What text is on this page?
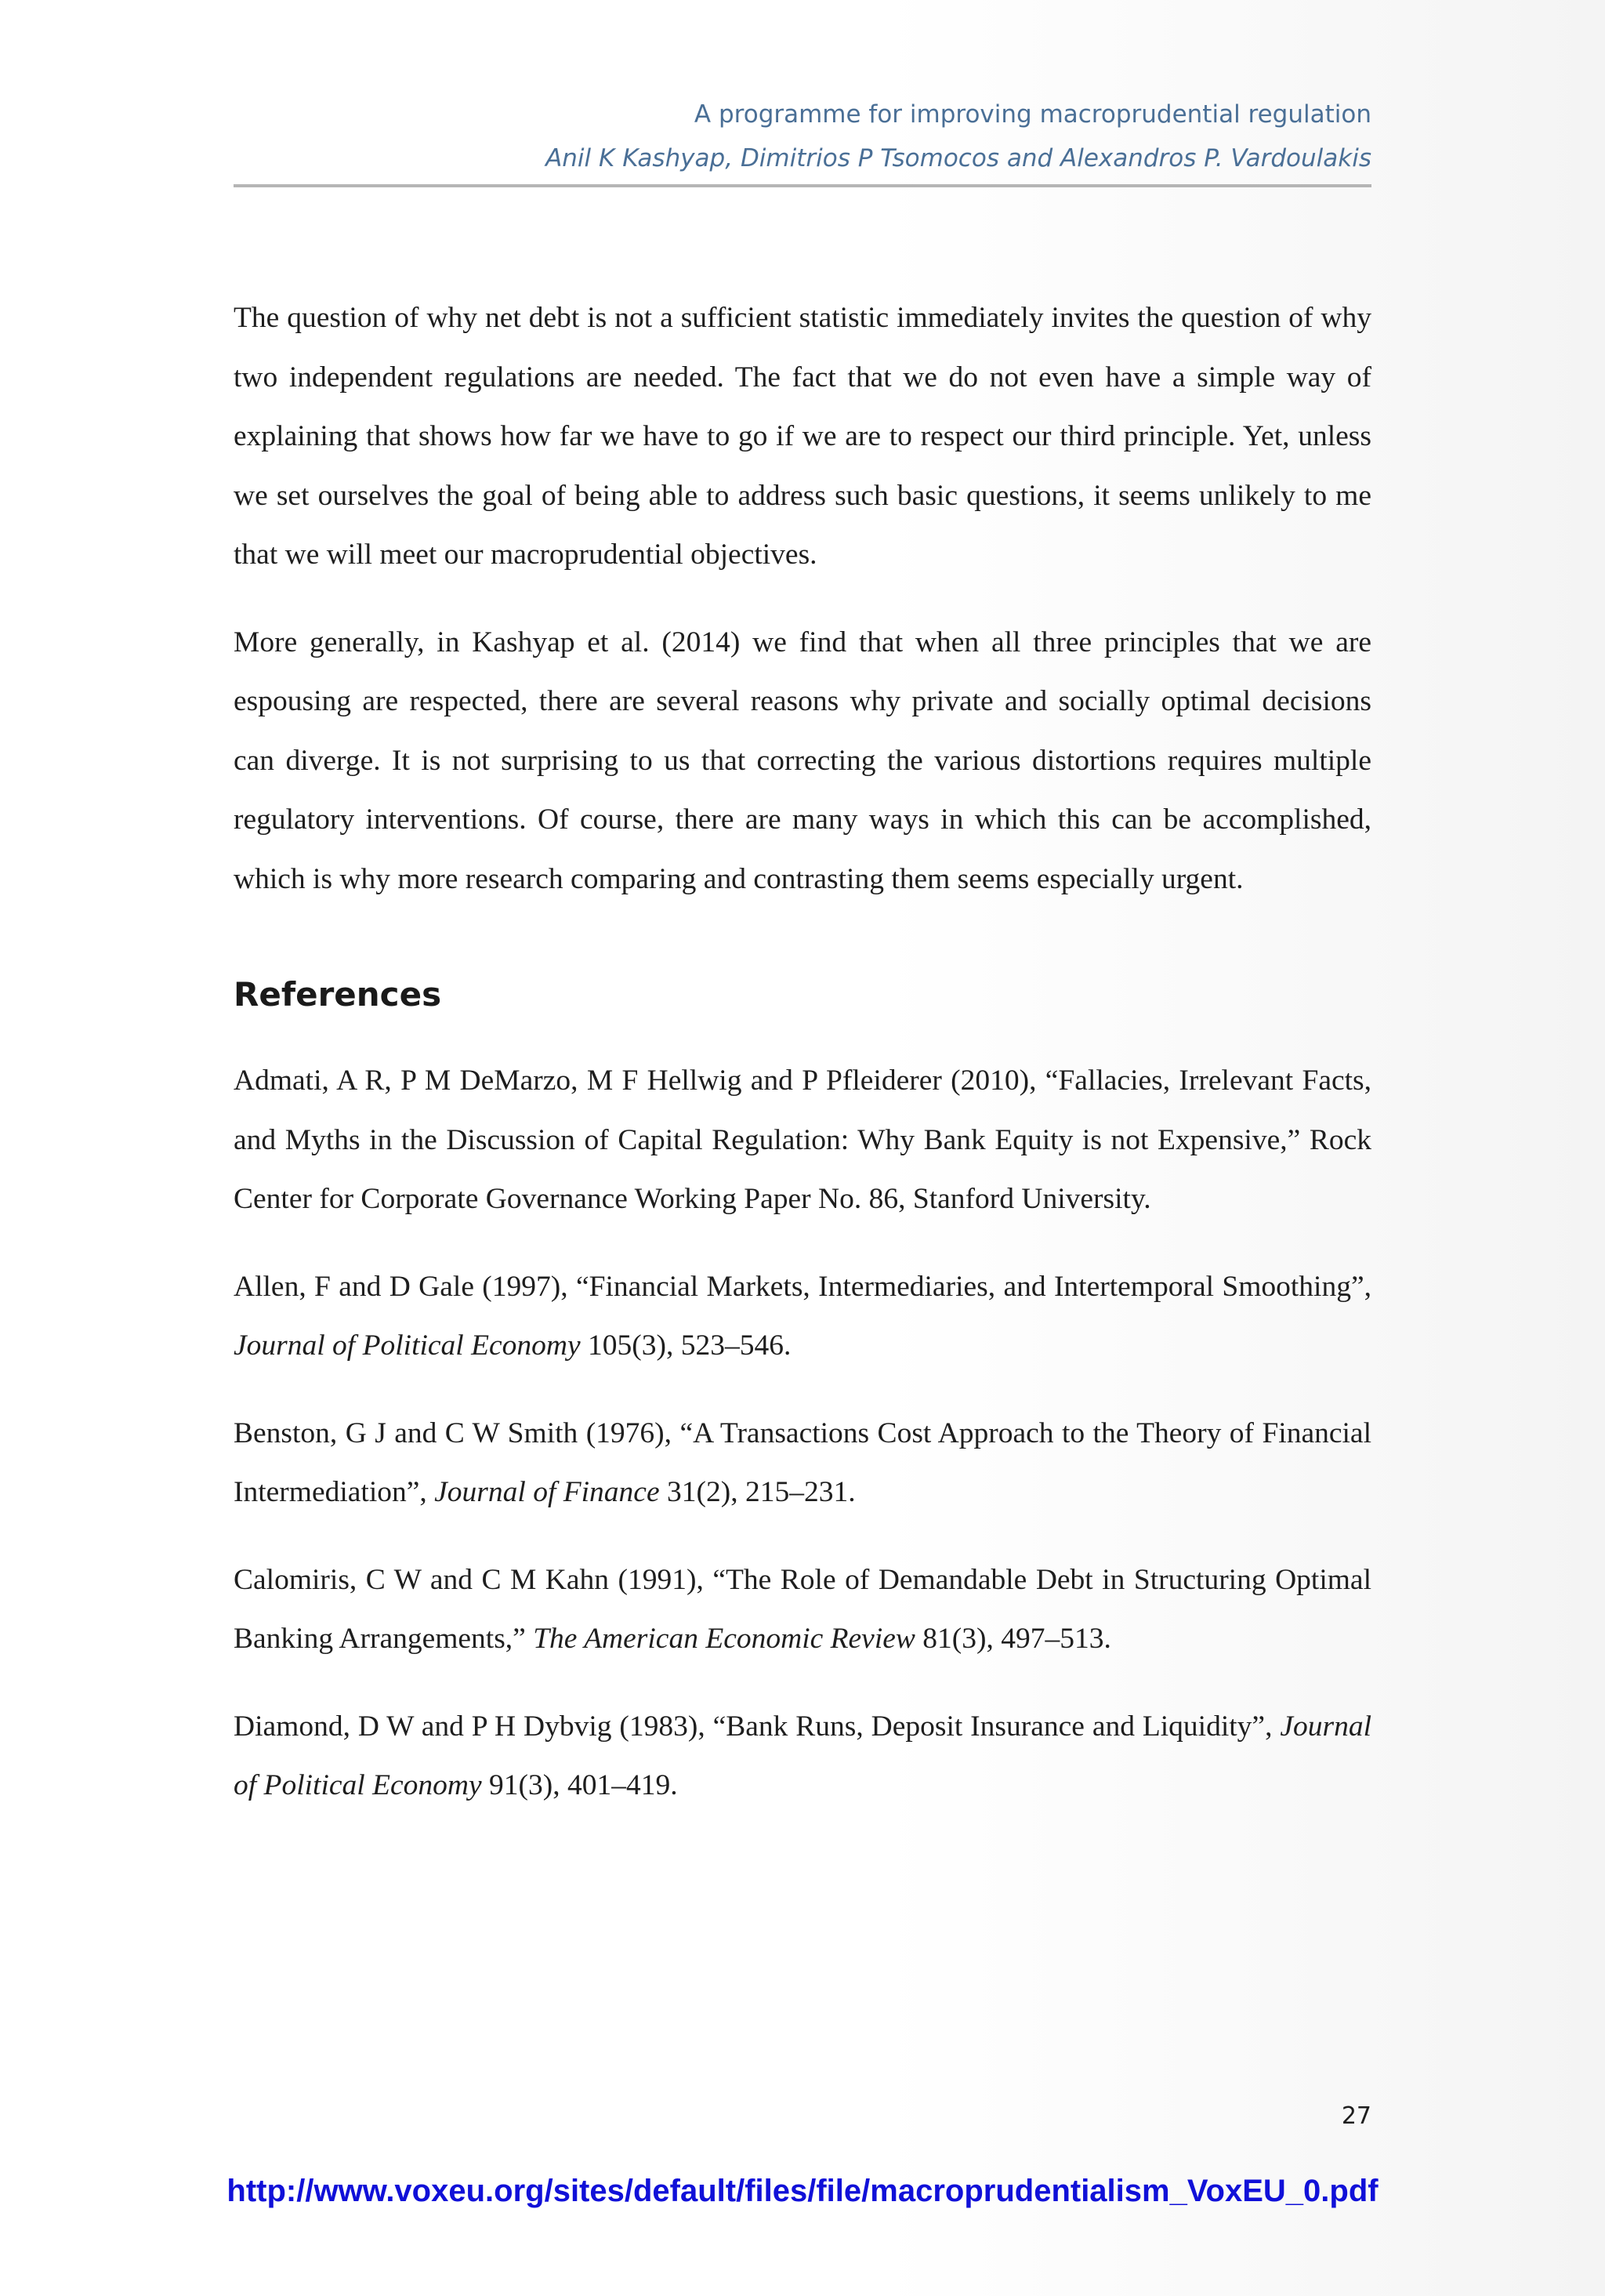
A programme for improving macroprudential regulation
Anil K Kashyap, Dimitrios P Tsomocos and Alexandros P. Vardoulakis

The question of why net debt is not a sufficient statistic immediately invites the question of why two independent regulations are needed. The fact that we do not even have a simple way of explaining that shows how far we have to go if we are to respect our third principle. Yet, unless we set ourselves the goal of being able to address such basic questions, it seems unlikely to me that we will meet our macroprudential objectives.

More generally, in Kashyap et al. (2014) we find that when all three principles that we are espousing are respected, there are several reasons why private and socially optimal decisions can diverge. It is not surprising to us that correcting the various distortions requires multiple regulatory interventions. Of course, there are many ways in which this can be accomplished, which is why more research comparing and contrasting them seems especially urgent.

References

Admati, A R, P M DeMarzo, M F Hellwig and P Pfleiderer (2010), “Fallacies, Irrelevant Facts, and Myths in the Discussion of Capital Regulation: Why Bank Equity is not Expensive,” Rock Center for Corporate Governance Working Paper No. 86, Stanford University.

Allen, F and D Gale (1997), “Financial Markets, Intermediaries, and Intertemporal Smoothing”, Journal of Political Economy 105(3), 523–546.

Benston, G J and C W Smith (1976), “A Transactions Cost Approach to the Theory of Financial Intermediation”, Journal of Finance 31(2), 215–231.

Calomiris, C W and C M Kahn (1991), “The Role of Demandable Debt in Structuring Optimal Banking Arrangements,” The American Economic Review 81(3), 497–513.

Diamond, D W and P H Dybvig (1983), “Bank Runs, Deposit Insurance and Liquidity”, Journal of Political Economy 91(3), 401–419.

27
http://www.voxeu.org/sites/default/files/file/macroprudentialism_VoxEU_0.pdf
